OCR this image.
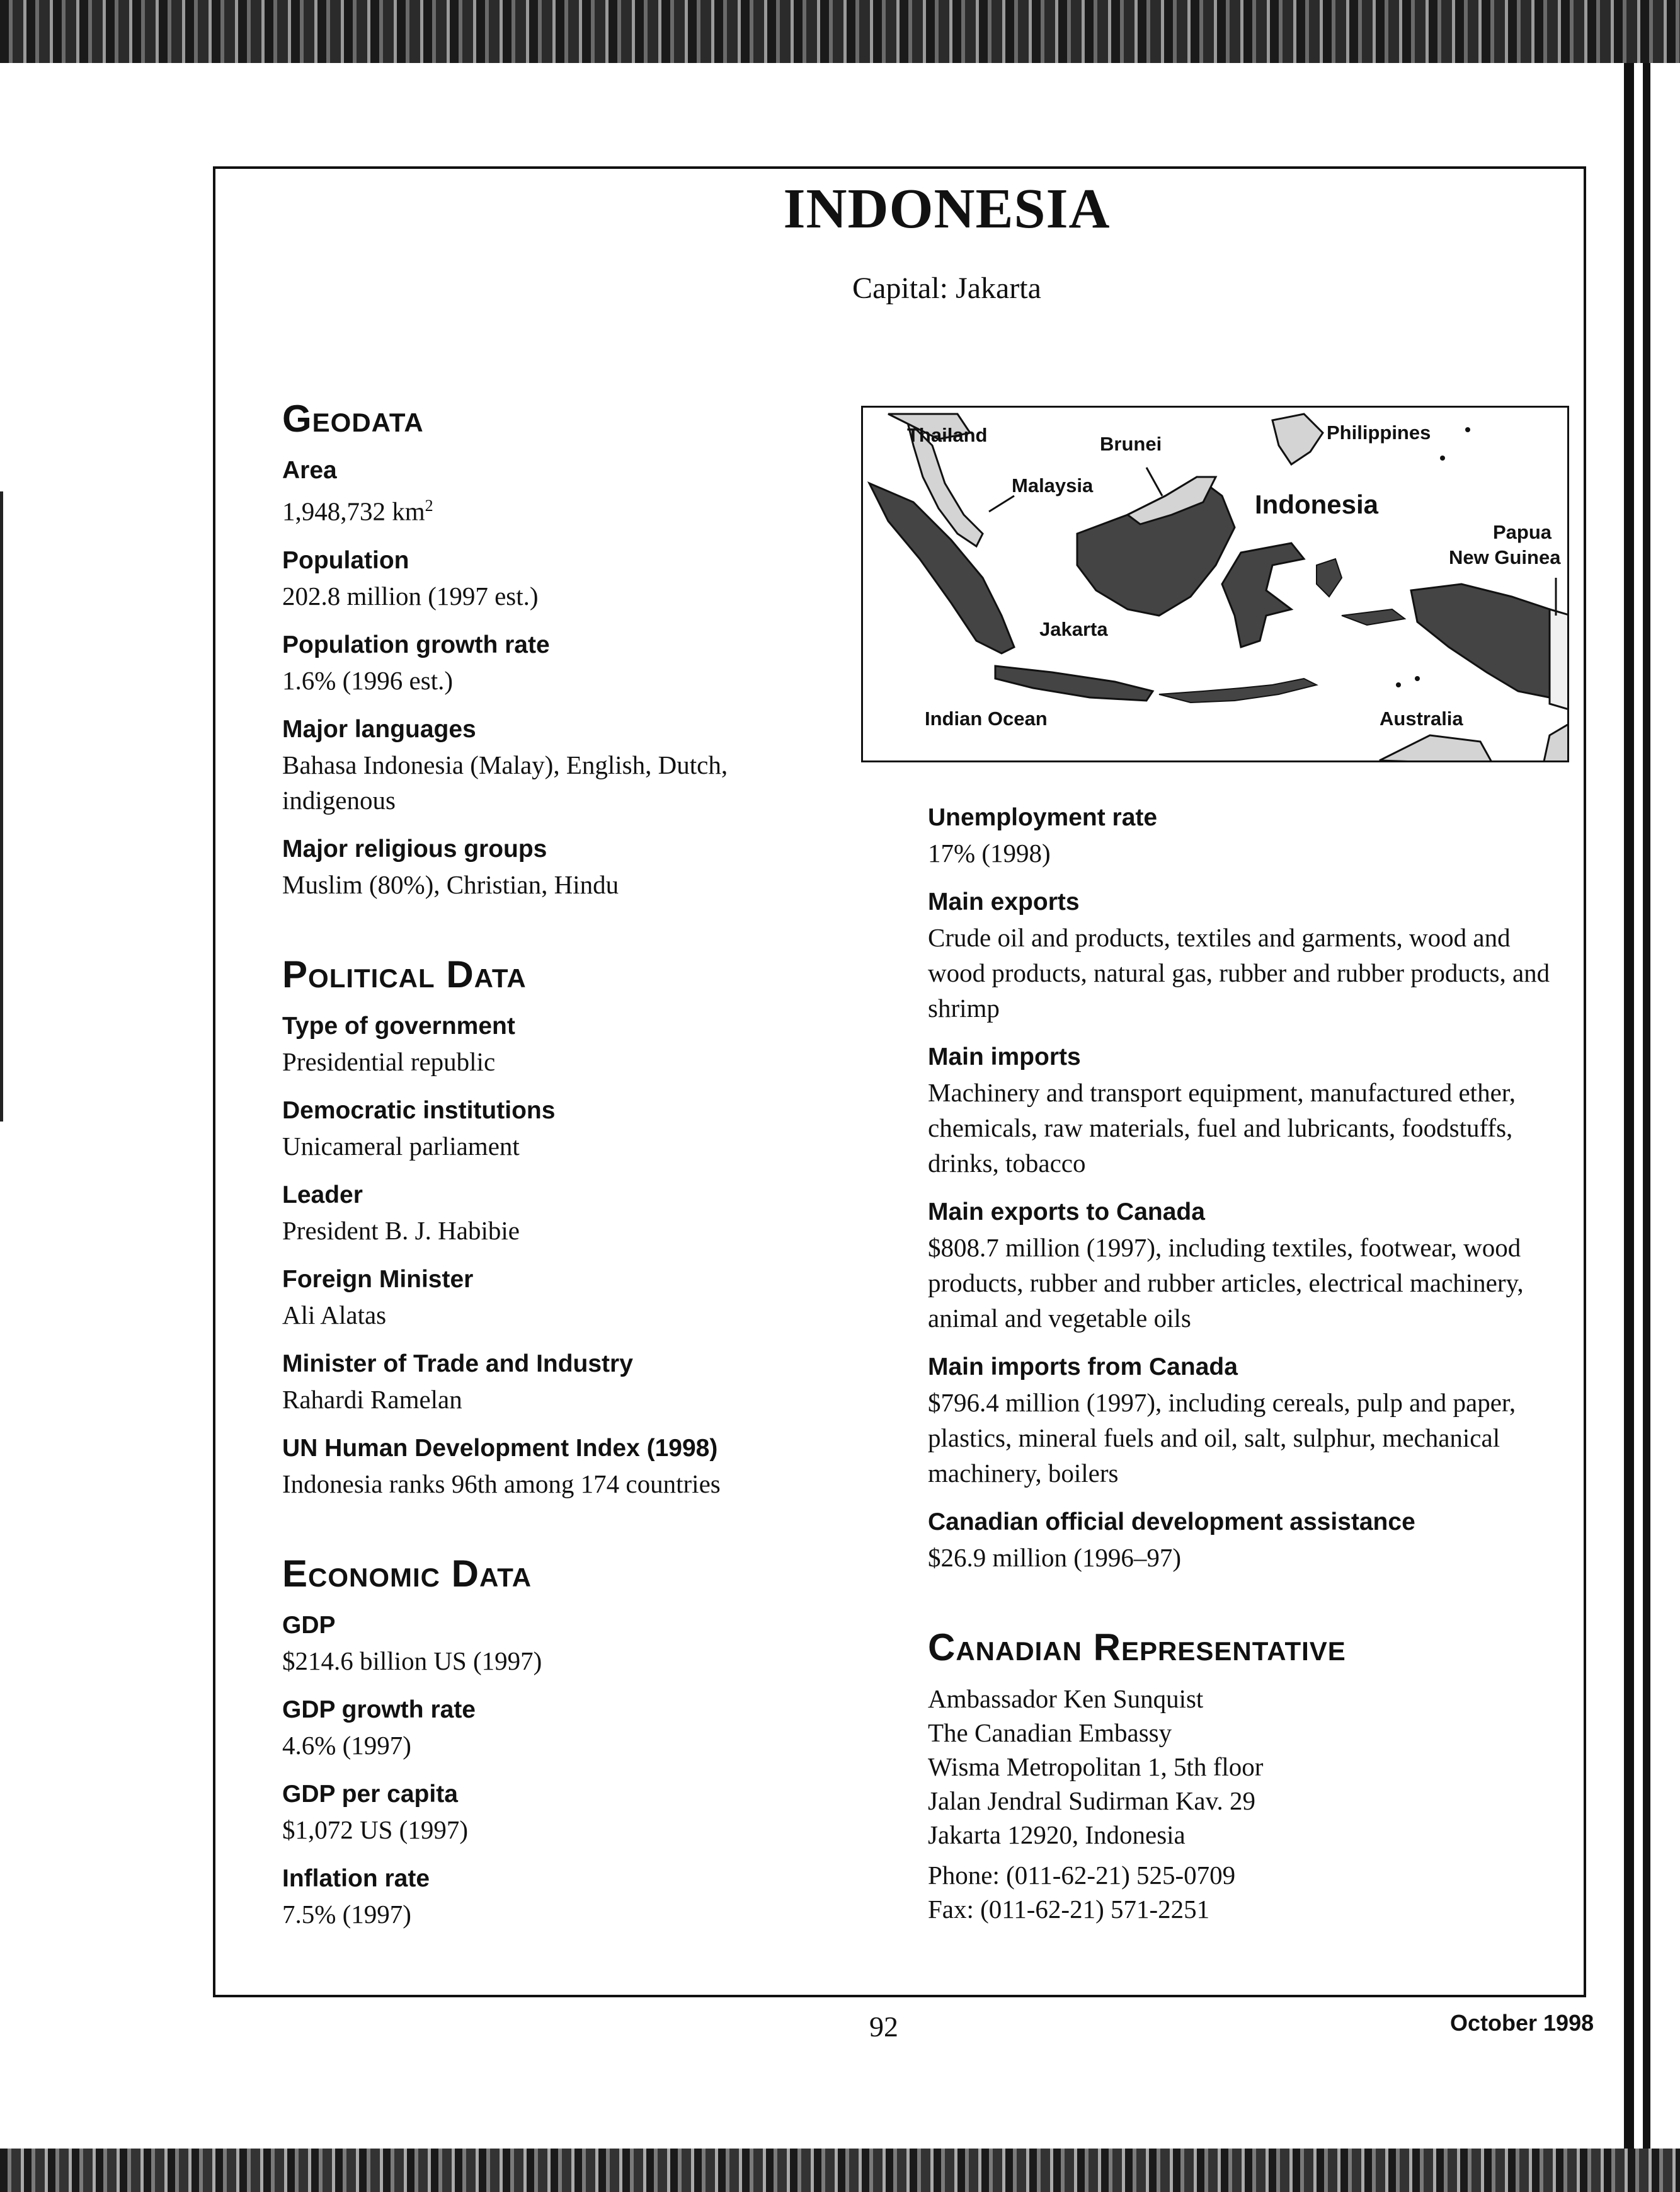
INDONESIA
Capital: Jakarta
Geodata
Area
1,948,732 $km^2$
Population
202.8 million (1997 est.)
Population growth rate
1.6% (1996 est.)
Major languages
Bahasa Indonesia (Malay), English, Dutch, indigenous
Major religious groups
Muslim (80%), Christian, Hindu
Political Data
Type of government
Presidential republic
Democratic institutions
Unicameral parliament
Leader
President B. J. Habibie
Foreign Minister
Ali Alatas
Minister of Trade and Industry
Rahardi Ramelan
UN Human Development Index (1998)
Indonesia ranks 96th among 174 countries
Economic Data
GDP
$214.6 billion US (1997)
GDP growth rate
4.6% (1997)
GDP per capita
$1,072 US (1997)
Inflation rate
7.5% (1997)
Thailand	Brunei
Philippines
Malaysia
Indonesia
Papua
New Guinea
Jakarta
Indian Ocean	Australia
Unemployment rate
17% (1998)
Main exports
Crude oil and products, textiles and garments, wood and wood products, natural gas, rubber and rubber products, and shrimp
Main imports
Machinery and transport equipment, manufactured ether, chemicals, raw materials, fuel and lubricants, foodstuffs, drinks, tobacco
Main exports to Canada
$808.7 million (1997), including textiles, footwear, wood products, rubber and rubber articles, electrical machinery, animal and vegetable oils
Main imports from Canada
$796.4 million (1997), including cereals, pulp and paper, plastics, mineral fuels and oil, salt, sulphur, mechanical machinery, boilers
Canadian official development assistance
$26.9 million (1996–97)
Canadian Representative
Ambassador Ken Sunquist
The Canadian Embassy
Wisma Metropolitan 1, 5th floor
Jalan Jendral Sudirman Kav. 29
Jakarta 12920, Indonesia
Phone: (011-62-21) 525-0709
Fax: (011-62-21) 571-2251
92	October 1998
